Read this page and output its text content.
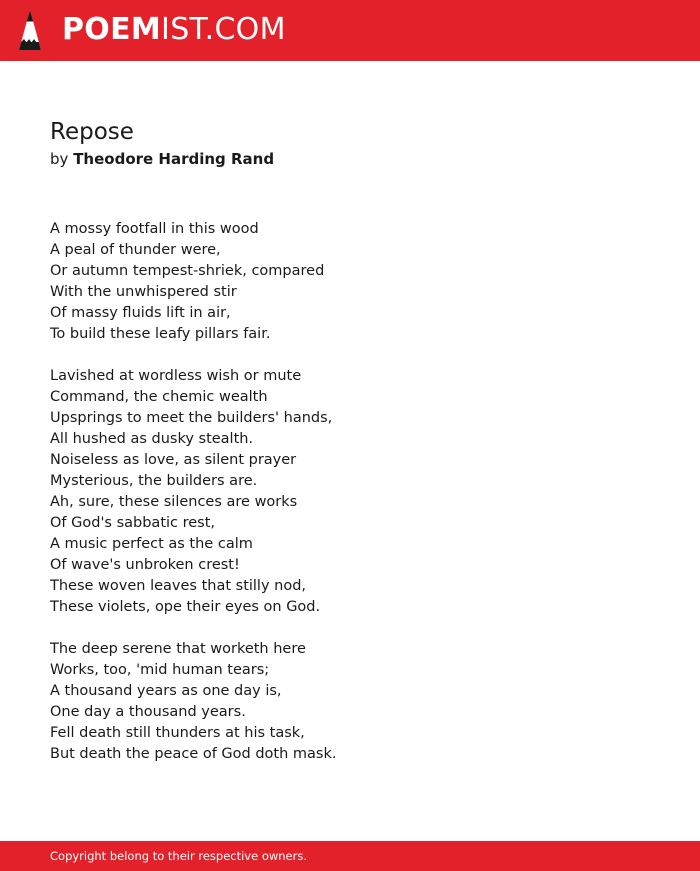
POEMIST.COM
Repose
by Theodore Harding Rand
A mossy footfall in this wood
A peal of thunder were,
Or autumn tempest-shriek, compared
With the unwhispered stir
Of massy fluids lift in air,
To build these leafy pillars fair.
Lavished at wordless wish or mute
Command, the chemic wealth
Upsprings to meet the builders' hands,
All hushed as dusky stealth.
Noiseless as love, as silent prayer
Mysterious, the builders are.
Ah, sure, these silences are works
Of God's sabbatic rest,
A music perfect as the calm
Of wave's unbroken crest!
These woven leaves that stilly nod,
These violets, ope their eyes on God.
The deep serene that worketh here
Works, too, 'mid human tears;
A thousand years as one day is,
One day a thousand years.
Fell death still thunders at his task,
But death the peace of God doth mask.
Copyright belong to their respective owners.
